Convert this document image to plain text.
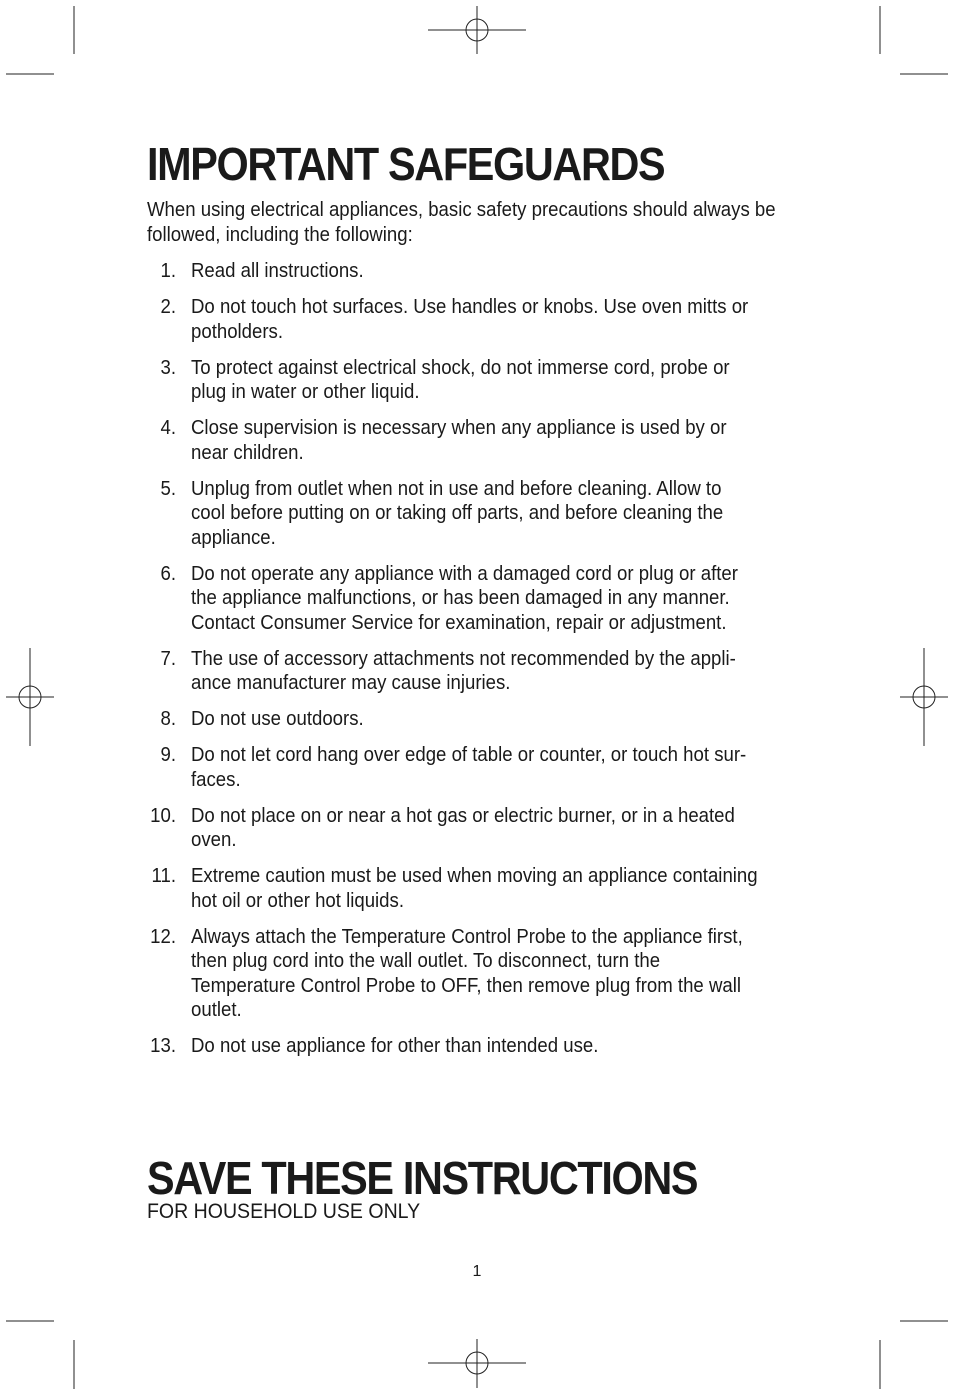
IMPORTANT SAFEGUARDS

When using electrical appliances, basic safety precautions should always be followed, including the following:

1. Read all instructions.
2. Do not touch hot surfaces. Use handles or knobs. Use oven mitts or
potholders.
3. To protect against electrical shock, do not immerse cord, probe or
plug in water or other liquid.
4. Close supervision is necessary when any appliance is used by or
near children.
5. Unplug from outlet when not in use and before cleaning. Allow to
cool before putting on or taking off parts, and before cleaning the
appliance.
6. Do not operate any appliance with a damaged cord or plug or after
the appliance malfunctions, or has been damaged in any manner.
Contact Consumer Service for examination, repair or adjustment.
7. The use of accessory attachments not recommended by the appli-
ance manufacturer may cause injuries.
8. Do not use outdoors.
9. Do not let cord hang over edge of table or counter, or touch hot sur-
faces.
10. Do not place on or near a hot gas or electric burner, or in a heated
oven.
11. Extreme caution must be used when moving an appliance containing
hot oil or other hot liquids.
12. Always attach the Temperature Control Probe to the appliance first,
then plug cord into the wall outlet. To disconnect, turn the
Temperature Control Probe to OFF, then remove plug from the wall
outlet.
13. Do not use appliance for other than intended use.
SAVE THESE INSTRUCTIONS

FOR HOUSEHOLD USE ONLY

1
